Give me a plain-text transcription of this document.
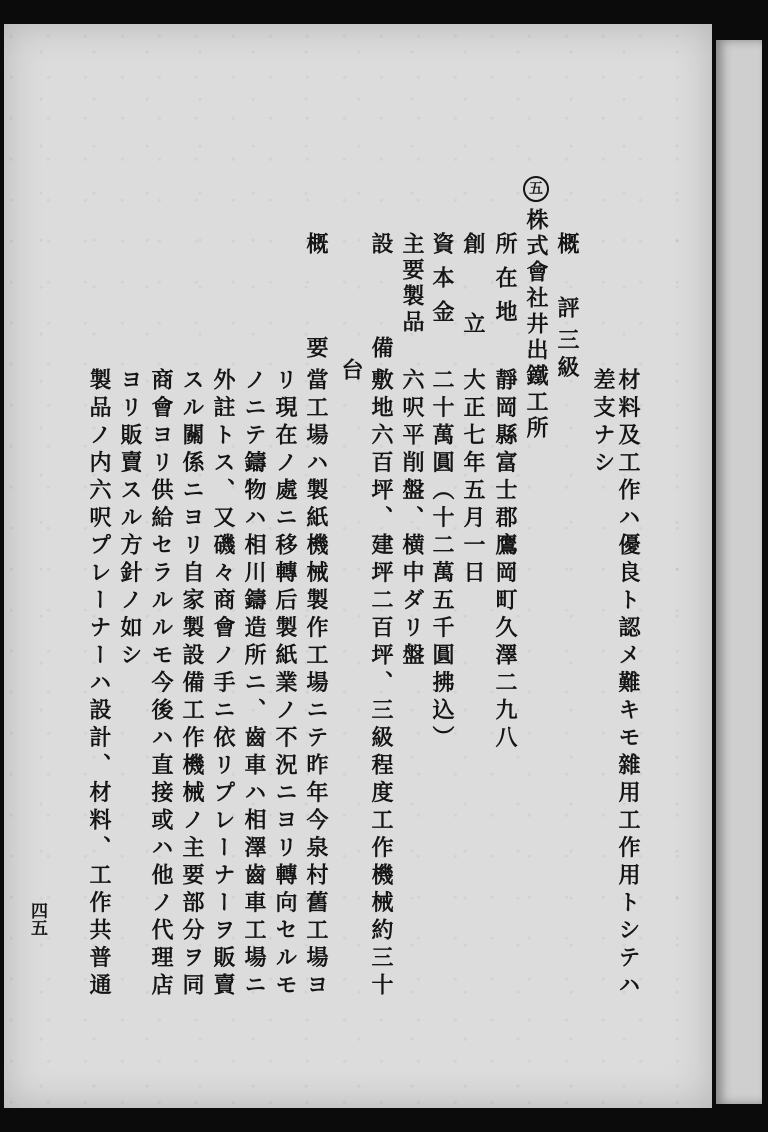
材料及工作ハ優良ト認メ難キモ雜用工作用トシテハ
差支ナシ
概　評
三級
五
株式會社井出鐵工所
所在地
靜岡縣富士郡鷹岡町久澤二九八
創　立
大正七年五月一日
資本金
二十萬圓（十二萬五千圓拂込）
主要製品
六呎平削盤、横中ダリ盤
設　備
敷地六百坪、建坪二百坪、三級程度工作機械約三十
台
概　要
當工場ハ製紙機械製作工場ニテ昨年今泉村舊工場ヨ
リ現在ノ處ニ移轉后製紙業ノ不況ニヨリ轉向セルモ
ノニテ鑄物ハ相川鑄造所ニ、齒車ハ相澤齒車工場ニ
外註トス、又磯々商會ノ手ニ依リプレーナーヲ販賣
スル關係ニヨリ自家製設備工作機械ノ主要部分ヲ同
商會ヨリ供給セラルルモ今後ハ直接或ハ他ノ代理店
ヨリ販賣スル方針ノ如シ
製品ノ内六呎プレーナーハ設計、材料、工作共普通
四五
